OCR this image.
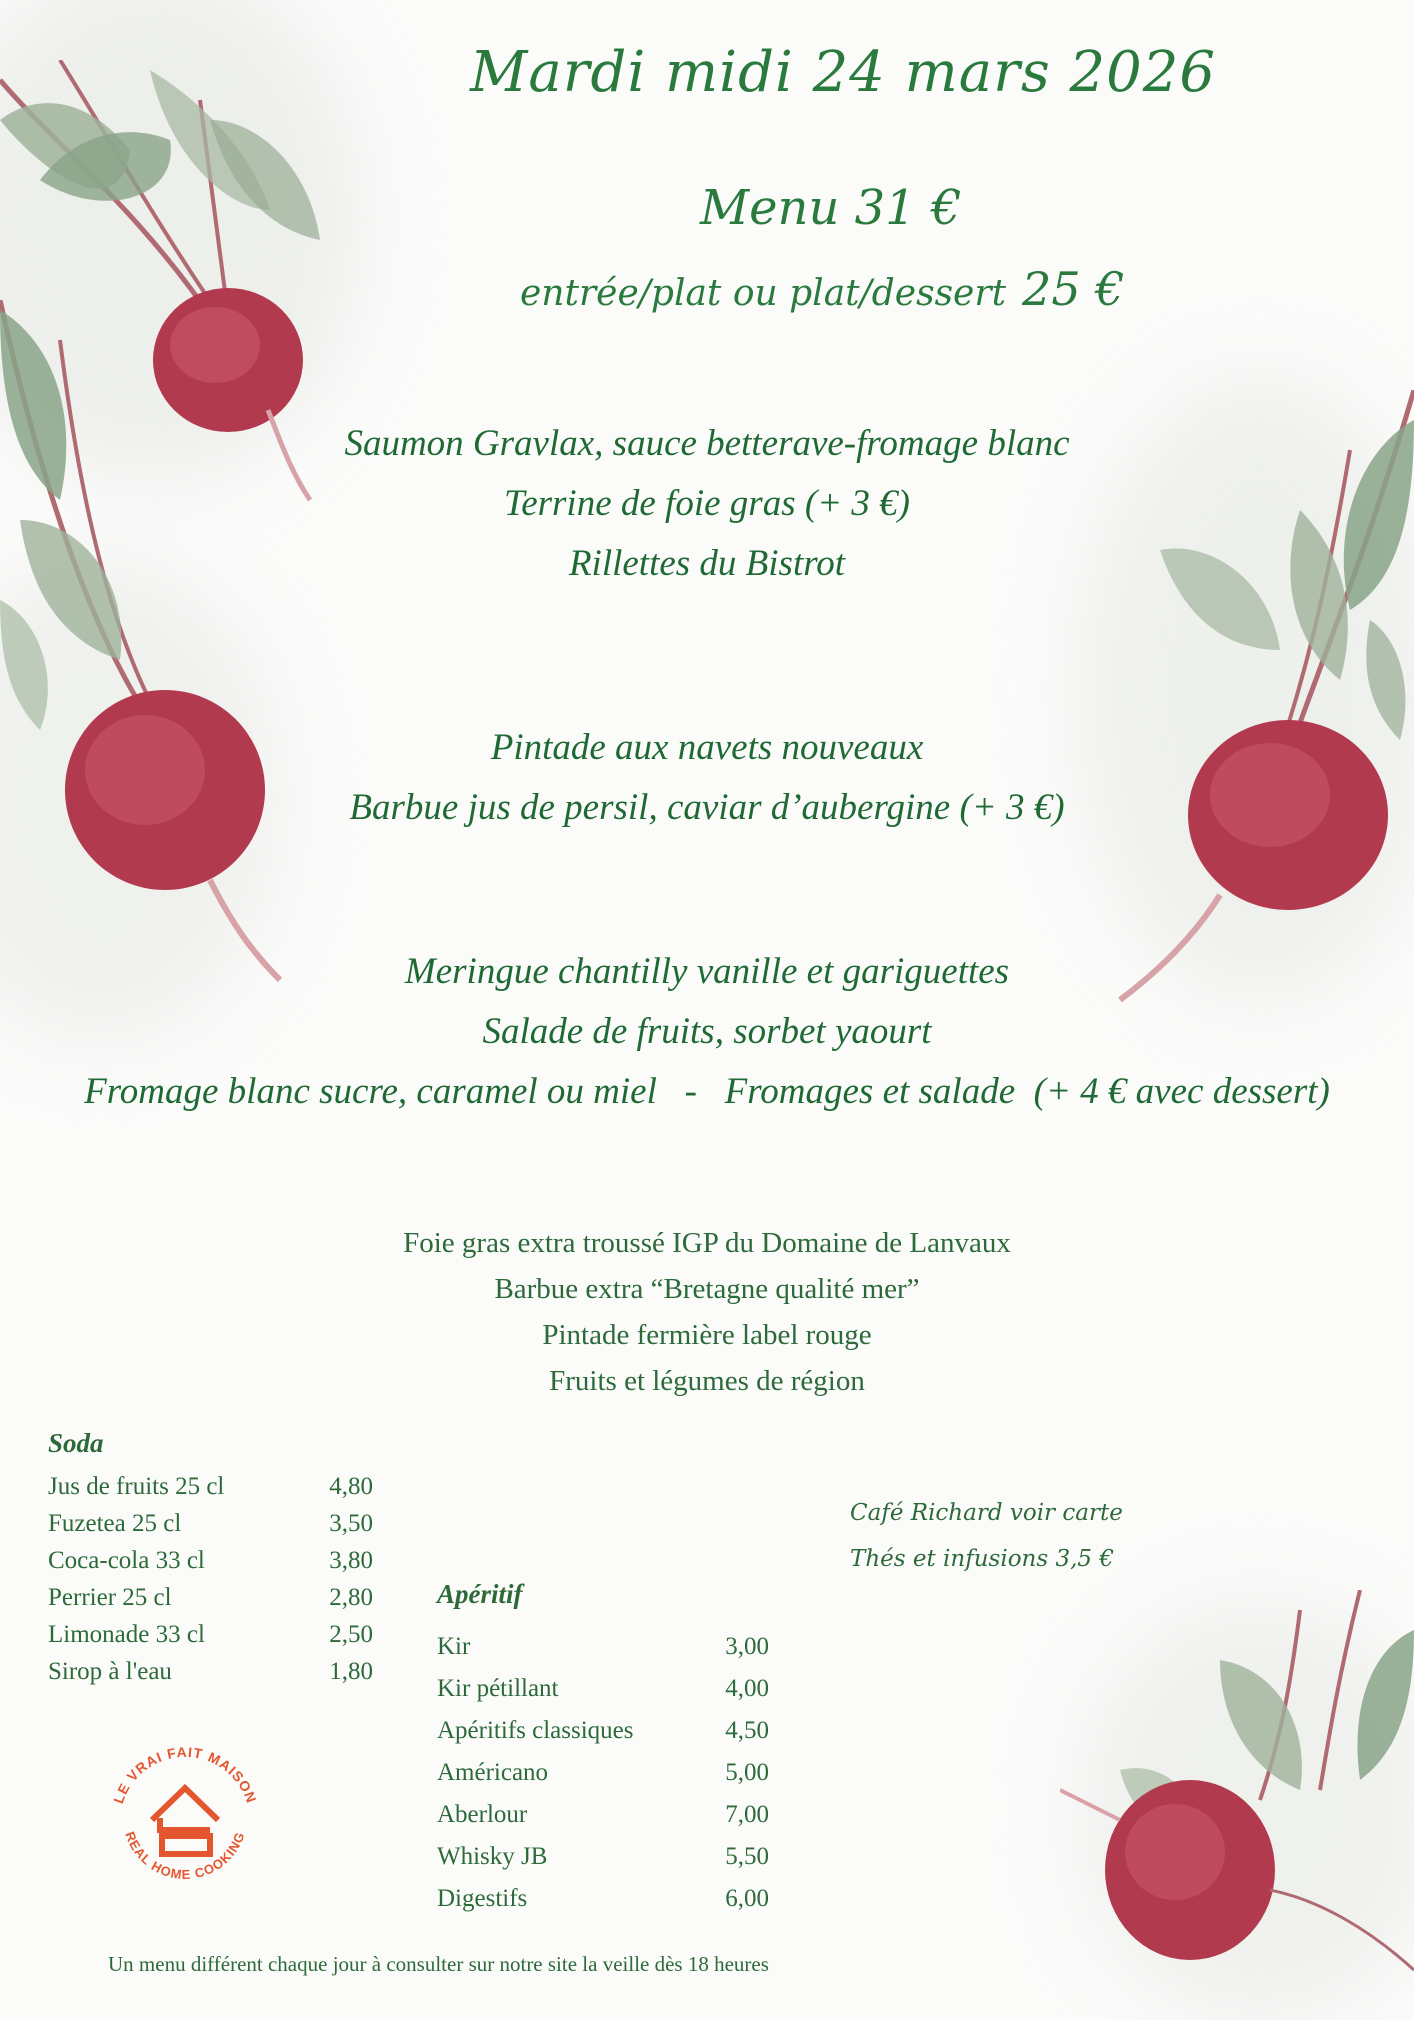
Mardi midi 24 mars 2026
Menu 31 €
entrée/plat ou plat/dessert 25 €
Saumon Gravlax, sauce betterave-fromage blanc
Terrine de foie gras (+ 3 €)
Rillettes du Bistrot
Pintade aux navets nouveaux
Barbue jus de persil, caviar d’aubergine (+ 3 €)
Meringue chantilly vanille et gariguettes
Salade de fruits, sorbet yaourt
Fromage blanc sucre, caramel ou miel   -   Fromages et salade  (+ 4 € avec dessert)
Foie gras extra troussé IGP du Domaine de Lanvaux
Barbue extra “Bretagne qualité mer”
Pintade fermière label rouge
Fruits et légumes de région
Soda
Jus de fruits 25 cl	4,80
Fuzetea 25 cl	3,50
Coca-cola 33 cl	3,80
Perrier 25 cl	2,80
Limonade 33 cl	2,50
Sirop à l'eau	1,80
Apéritif
Kir	3,00
Kir pétillant	4,00
Apéritifs classiques	4,50
Américano	5,00
Aberlour	7,00
Whisky JB	5,50
Digestifs	6,00
Café Richard voir carte
Thés et infusions 3,5 €
LE VRAI FAIT MAISON
REAL HOME COOKING
Un menu différent chaque jour à consulter sur notre site la veille dès 18 heures
